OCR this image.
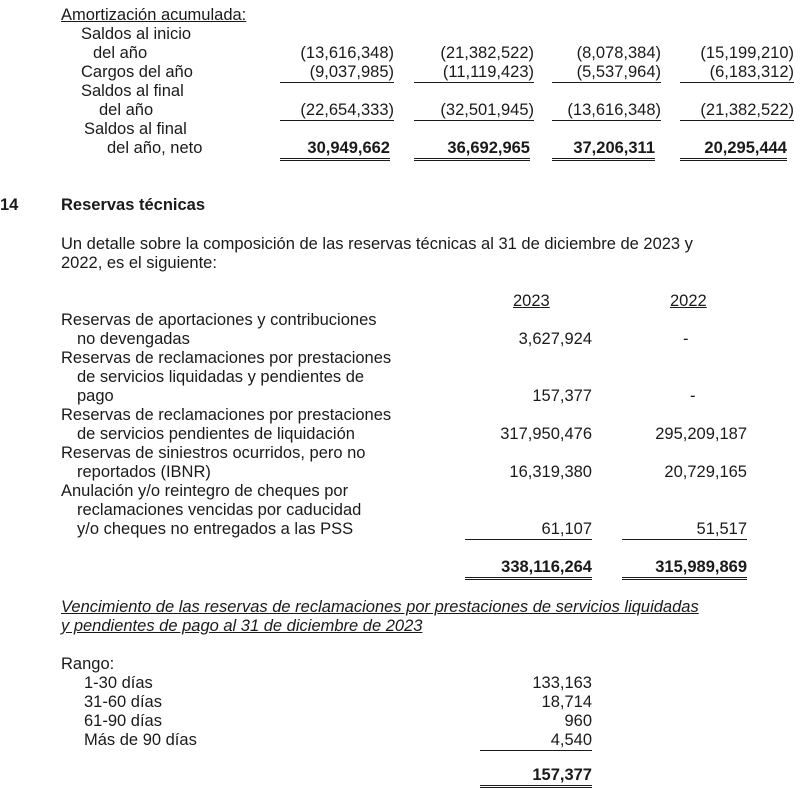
Amortización acumulada:
Saldos al inicio
del año	(13,616,348)	(21,382,522)	(8,078,384)	(15,199,210)
Cargos del año	(9,037,985)	(11,119,423)	(5,537,964)	(6,183,312)
Saldos al final
del año	(22,654,333)	(32,501,945)	(13,616,348)	(21,382,522)
Saldos al final
del año, neto	30,949,662	36,692,965	37,206,311	20,295,444
14	Reservas técnicas
Un detalle sobre la composición de las reservas técnicas al 31 de diciembre de 2023 y
2022, es el siguiente:
2023	2022
Reservas de aportaciones y contribuciones
no devengadas	3,627,924	-
Reservas de reclamaciones por prestaciones
de servicios liquidadas y pendientes de
pago	157,377	-
Reservas de reclamaciones por prestaciones
de servicios pendientes de liquidación	317,950,476	295,209,187
Reservas de siniestros ocurridos, pero no
reportados (IBNR)	16,319,380	20,729,165
Anulación y/o reintegro de cheques por
reclamaciones vencidas por caducidad
y/o cheques no entregados a las PSS	61,107	51,517
338,116,264	315,989,869
Vencimiento de las reservas de reclamaciones por prestaciones de servicios liquidadas
y pendientes de pago al 31 de diciembre de 2023
Rango:
1-30 días	133,163
31-60 días	18,714
61-90 días	960
Más de 90 días	4,540
157,377
